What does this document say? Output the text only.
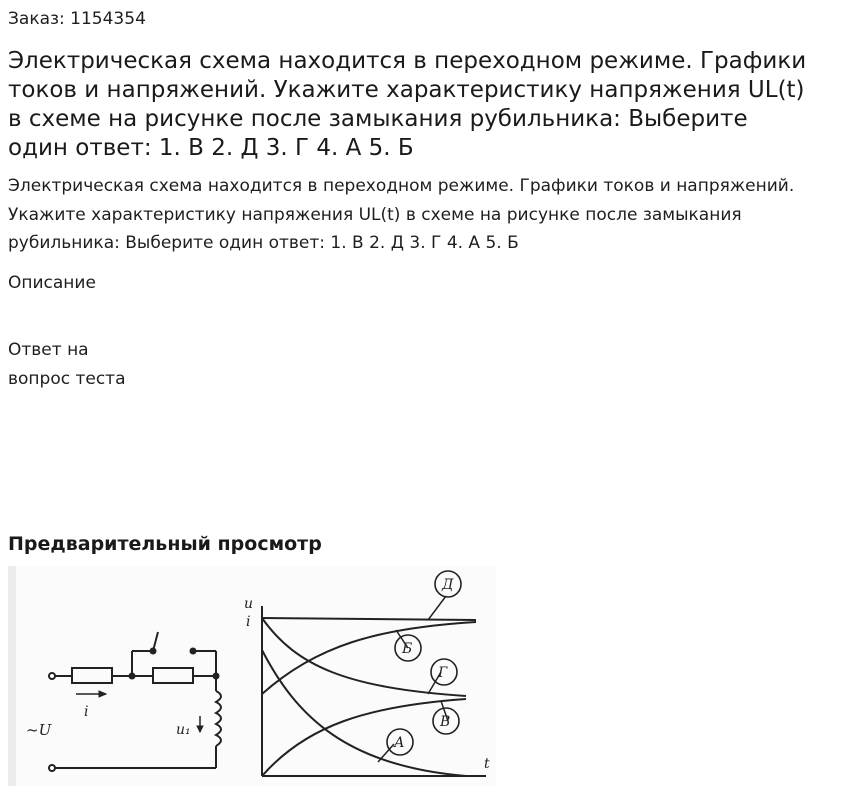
Заказ: 1154354
Электрическая схема находится в переходном режиме. Графики токов и напряжений. Укажите характеристику напряжения UL(t) в схеме на рисунке после замыкания рубильника: Выберите один ответ: 1. В 2. Д 3. Г 4. А 5. Б
Электрическая схема находится в переходном режиме. Графики токов и напряжений. Укажите характеристику напряжения UL(t) в схеме на рисунке после замыкания рубильника: Выберите один ответ: 1. В 2. Д 3. Г 4. А 5. Б
Описание
Ответ на
вопрос теста
Предварительный просмотр
~U
i
u₁
u
i
t
Д
Б
Г
В
А
